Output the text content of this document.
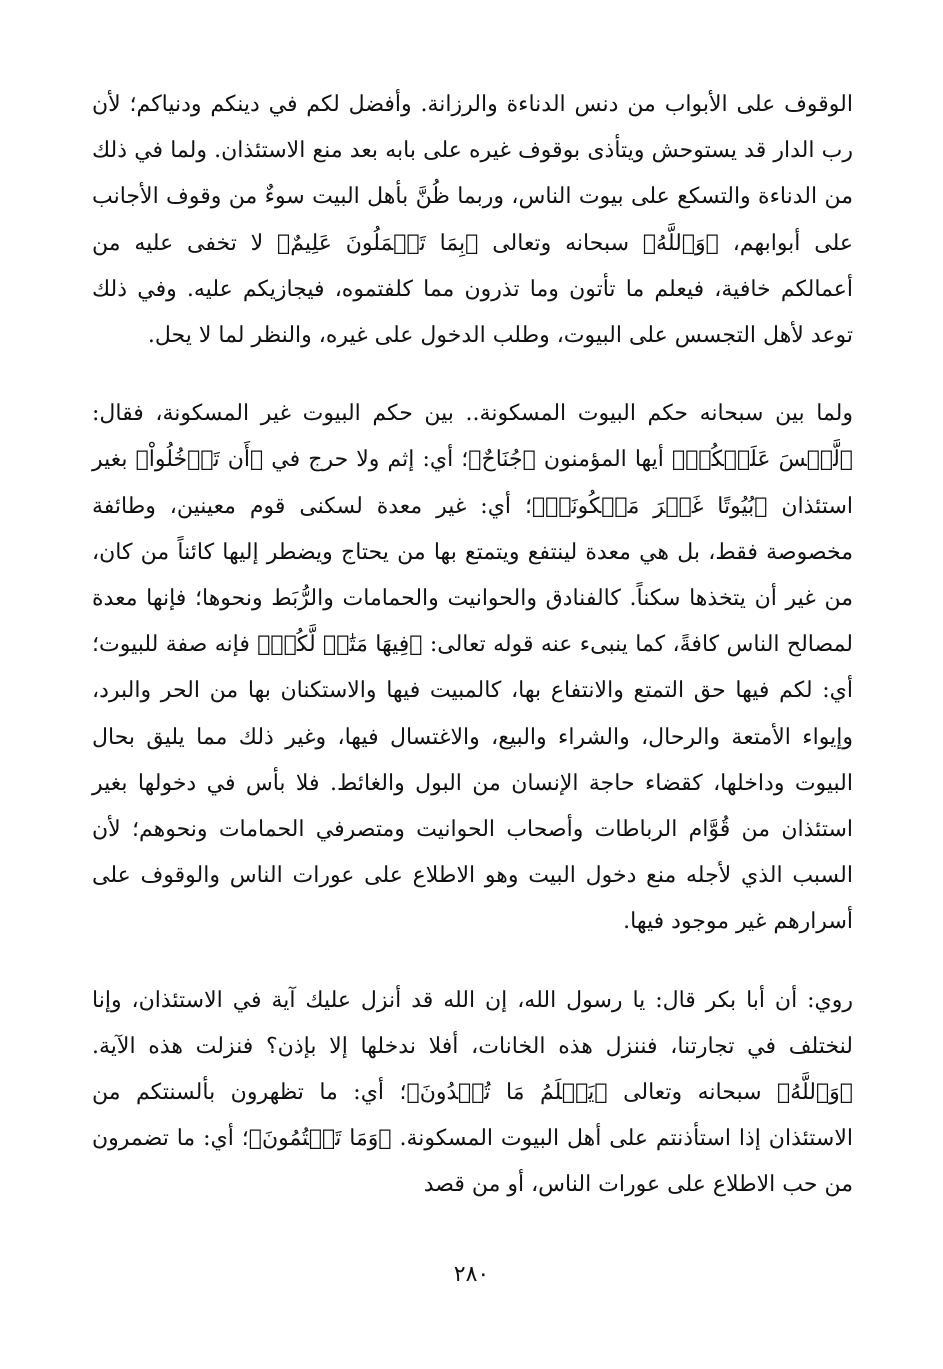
الوقوف على الأبواب من دنس الدناءة والرزانة. وأفضل لكم في دينكم ودنياكم؛ لأن رب الدار قد يستوحش ويتأذى بوقوف غيره على بابه بعد منع الاستئذان. ولما في ذلك من الدناءة والتسكع على بيوت الناس، وربما ظُنَّ بأهل البيت سوءٌ من وقوف الأجانب على أبوابهم، ﴿وَٱللَّهُ﴾ سبحانه وتعالى ﴿بِمَا تَعۡمَلُونَ عَلِيمٌ﴾ لا تخفى عليه من أعمالكم خافية، فيعلم ما تأتون وما تذرون مما كلفتموه، فيجازيكم عليه. وفي ذلك توعد لأهل التجسس على البيوت، وطلب الدخول على غيره، والنظر لما لا يحل.

ولما بين سبحانه حكم البيوت المسكونة.. بين حكم البيوت غير المسكونة، فقال: ﴿لَّيۡسَ عَلَيۡكُمۡ﴾ أيها المؤمنون ﴿جُنَاحٌ﴾؛ أي: إثم ولا حرج في ﴿أَن تَدۡخُلُواْ﴾ بغير استئذان ﴿بُيُوتًا غَيۡرَ مَسۡكُونَةٖ﴾؛ أي: غير معدة لسكنى قوم معينين، وطائفة مخصوصة فقط، بل هي معدة لينتفع ويتمتع بها من يحتاج ويضطر إليها كائناً من كان، من غير أن يتخذها سكناً. كالفنادق والحوانيت والحمامات والرُّبَط ونحوها؛ فإنها معدة لمصالح الناس كافةً، كما ينبىء عنه قوله تعالى: ﴿فِيهَا مَتَٰعٞ لَّكُمۡ﴾ فإنه صفة للبيوت؛ أي: لكم فيها حق التمتع والانتفاع بها، كالمبيت فيها والاستكنان بها من الحر والبرد، وإيواء الأمتعة والرحال، والشراء والبيع، والاغتسال فيها، وغير ذلك مما يليق بحال البيوت وداخلها، كقضاء حاجة الإنسان من البول والغائط. فلا بأس في دخولها بغير استئذان من قُوَّام الرباطات وأصحاب الحوانيت ومتصرفي الحمامات ونحوهم؛ لأن السبب الذي لأجله منع دخول البيت وهو الاطلاع على عورات الناس والوقوف على أسرارهم غير موجود فيها.

روي: أن أبا بكر قال: يا رسول الله، إن الله قد أنزل عليك آية في الاستئذان، وإنا لنختلف في تجارتنا، فننزل هذه الخانات، أفلا ندخلها إلا بإذن؟ فنزلت هذه الآية. ﴿وَٱللَّهُ﴾ سبحانه وتعالى ﴿يَعۡلَمُ مَا تُبۡدُونَ﴾؛ أي: ما تظهرون بألسنتكم من الاستئذان إذا استأذنتم على أهل البيوت المسكونة. ﴿وَمَا تَكۡتُمُونَ﴾؛ أي: ما تضمرون من حب الاطلاع على عورات الناس، أو من قصد

٢٨٠
